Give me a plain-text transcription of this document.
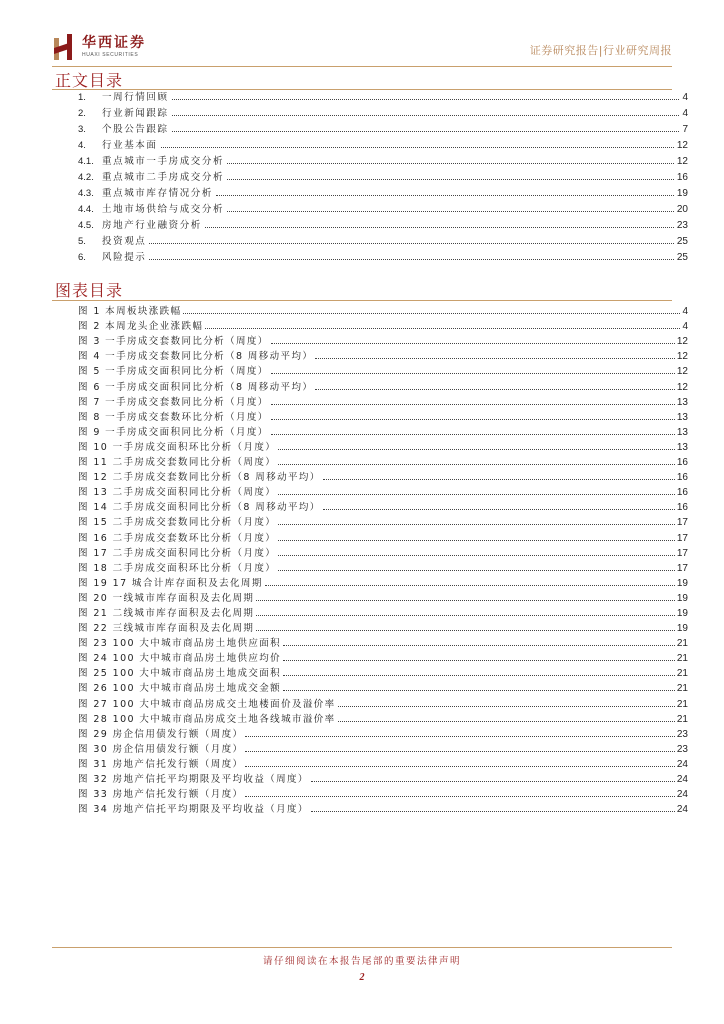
华西证券
HUAXI SECURITIES	证券研究报告|行业研究周报
正文目录
1.	一周行情回顾	4
2.	行业新闻跟踪	4
3.	个股公告跟踪	7
4.	行业基本面	12
4.1. 重点城市一手房成交分析	12
4.2. 重点城市二手房成交分析	16
4.3. 重点城市库存情况分析	19
4.4. 土地市场供给与成交分析	20
4.5. 房地产行业融资分析	23
5.	投资观点	25
6.	风险提示	25
图表目录
图 1 本周板块涨跌幅	4
图 2 本周龙头企业涨跌幅	4
图 3 一手房成交套数同比分析（周度）	12
图 4 一手房成交套数同比分析（8 周移动平均）	12
图 5 一手房成交面积同比分析（周度）	12
图 6 一手房成交面积同比分析（8 周移动平均）	12
图 7 一手房成交套数同比分析（月度）	13
图 8 一手房成交套数环比分析（月度）	13
图 9 一手房成交面积同比分析（月度）	13
图 10 一手房成交面积环比分析（月度）	13
图 11 二手房成交套数同比分析（周度）	16
图 12 二手房成交套数同比分析（8 周移动平均）	16
图 13 二手房成交面积同比分析（周度）	16
图 14 二手房成交面积同比分析（8 周移动平均）	16
图 15 二手房成交套数同比分析（月度）	17
图 16 二手房成交套数环比分析（月度）	17
图 17 二手房成交面积同比分析（月度）	17
图 18 二手房成交面积环比分析（月度）	17
图 19 17 城合计库存面积及去化周期	19
图 20 一线城市库存面积及去化周期	19
图 21 二线城市库存面积及去化周期	19
图 22 三线城市库存面积及去化周期	19
图 23 100 大中城市商品房土地供应面积	21
图 24 100 大中城市商品房土地供应均价	21
图 25 100 大中城市商品房土地成交面积	21
图 26 100 大中城市商品房土地成交金额	21
图 27 100 大中城市商品房成交土地楼面价及溢价率	21
图 28 100 大中城市商品房成交土地各线城市溢价率	21
图 29 房企信用债发行额（周度）	23
图 30 房企信用债发行额（月度）	23
图 31 房地产信托发行额（周度）	24
图 32 房地产信托平均期限及平均收益（周度）	24
图 33 房地产信托发行额（月度）	24
图 34 房地产信托平均期限及平均收益（月度）	24
请仔细阅读在本报告尾部的重要法律声明
2
